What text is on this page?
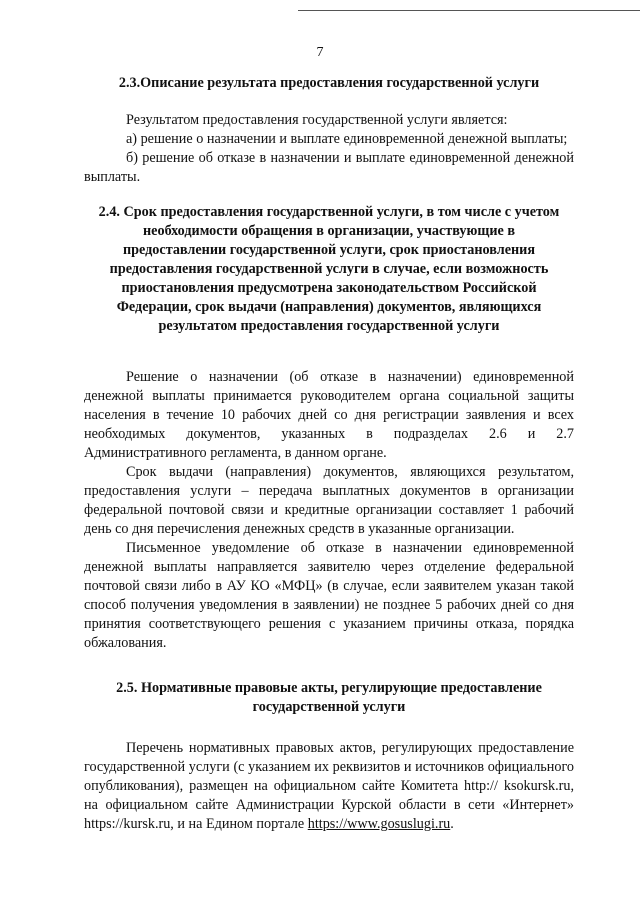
7
2.3.Описание результата предоставления государственной услуги

Результатом предоставления государственной услуги является:

а) решение о назначении и выплате единовременной денежной выплаты;

б) решение об отказе в назначении и выплате единовременной денежной выплаты.

2.4. Срок предоставления государственной услуги, в том числе с учетом необходимости обращения в организации, участвующие в предоставлении государственной услуги, срок приостановления предоставления государственной услуги в случае, если возможность приостановления предусмотрена законодательством Российской Федерации, срок выдачи (направления) документов, являющихся результатом предоставления государственной услуги

Решение о назначении (об отказе в назначении) единовременной денежной выплаты принимается руководителем органа социальной защиты населения в течение 10 рабочих дней со дня регистрации заявления и всех необходимых документов, указанных в подразделах 2.6 и 2.7 Административного регламента, в данном органе.

Срок выдачи (направления) документов, являющихся результатом, предоставления услуги – передача выплатных документов в организации федеральной почтовой связи и кредитные организации составляет 1 рабочий день со дня перечисления денежных средств в указанные организации.

Письменное уведомление об отказе в назначении единовременной денежной выплаты направляется заявителю через отделение федеральной почтовой связи либо в АУ КО «МФЦ» (в случае, если заявителем указан такой способ получения уведомления в заявлении) не позднее 5 рабочих дней со дня принятия соответствующего решения с указанием причины отказа, порядка обжалования.

2.5. Нормативные правовые акты, регулирующие предоставление государственной услуги

Перечень нормативных правовых актов, регулирующих предоставление государственной услуги (с указанием их реквизитов и источников официального опубликования), размещен на официальном сайте Комитета http:// ksokursk.ru, на официальном сайте Администрации Курской области в сети «Интернет» https://kursk.ru, и на Едином портале https://www.gosuslugi.ru.
